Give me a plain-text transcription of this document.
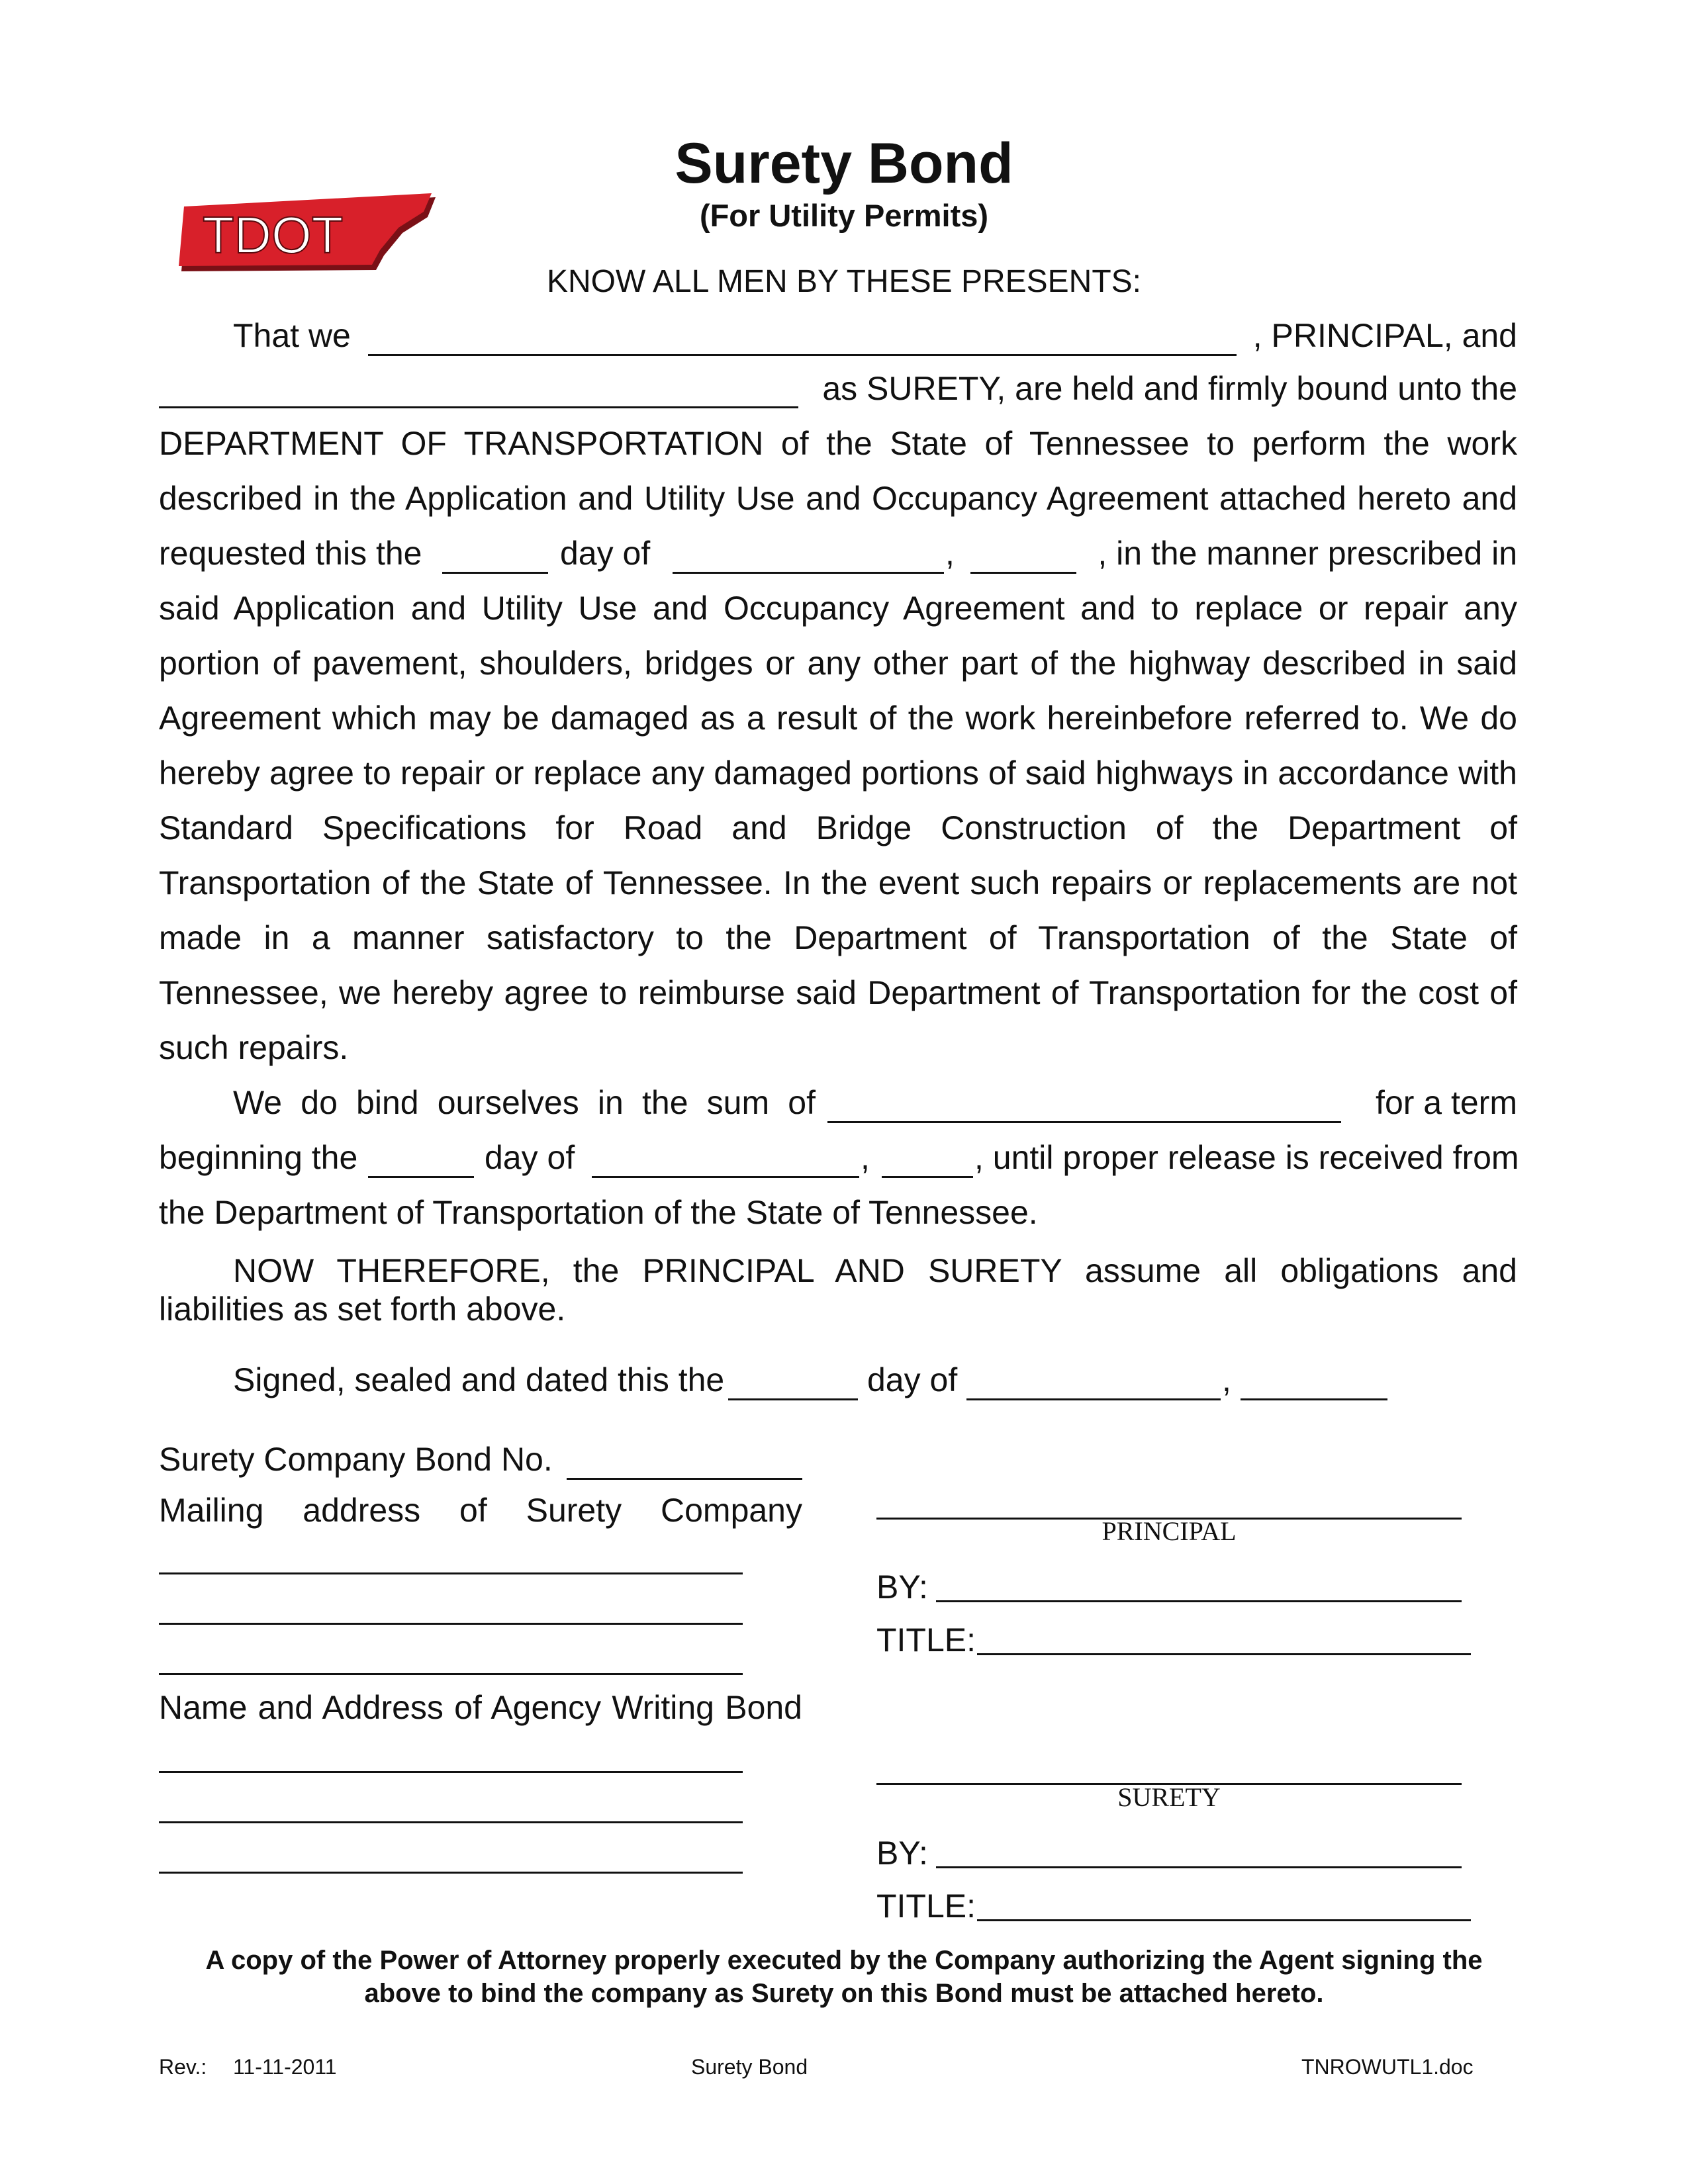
TDOT
Surety Bond
(For Utility Permits)
KNOW ALL MEN BY THESE PRESENTS:
That we	, PRINCIPAL, and
as SURETY, are held and firmly bound unto the
DEPARTMENT OF TRANSPORTATION of the State of Tennessee to perform the work
described in the Application and Utility Use and Occupancy Agreement attached hereto and
requested this the	day of	,	, in the manner prescribed in
said Application and Utility Use and Occupancy Agreement and to replace or repair any
portion of pavement, shoulders, bridges or any other part of the highway described in said
Agreement which may be damaged as a result of the work hereinbefore referred to. We do
hereby agree to repair or replace any damaged portions of said highways in accordance with
Standard Specifications for Road and Bridge Construction of the Department of
Transportation of the State of Tennessee. In the event such repairs or replacements are not
made in a manner satisfactory to the Department of Transportation of the State of
Tennessee, we hereby agree to reimburse said Department of Transportation for the cost of
such repairs.
We do bind ourselves in the sum of	for a term
beginning the	day of	,	, until proper release is received from
the Department of Transportation of the State of Tennessee.
NOW THEREFORE, the PRINCIPAL AND SURETY assume all obligations and
liabilities as set forth above.
Signed, sealed and dated this the	day of	,
Surety Company Bond No.
Mailing address of Surety Company
Name and Address of Agency Writing Bond
PRINCIPAL
BY:
TITLE:
SURETY
BY:
TITLE:
A copy of the Power of Attorney properly executed by the Company authorizing the Agent signing the
above to bind the company as Surety on this Bond must be attached hereto.
Rev.: 11-11-2011	Surety Bond	TNROWUTL1.doc
